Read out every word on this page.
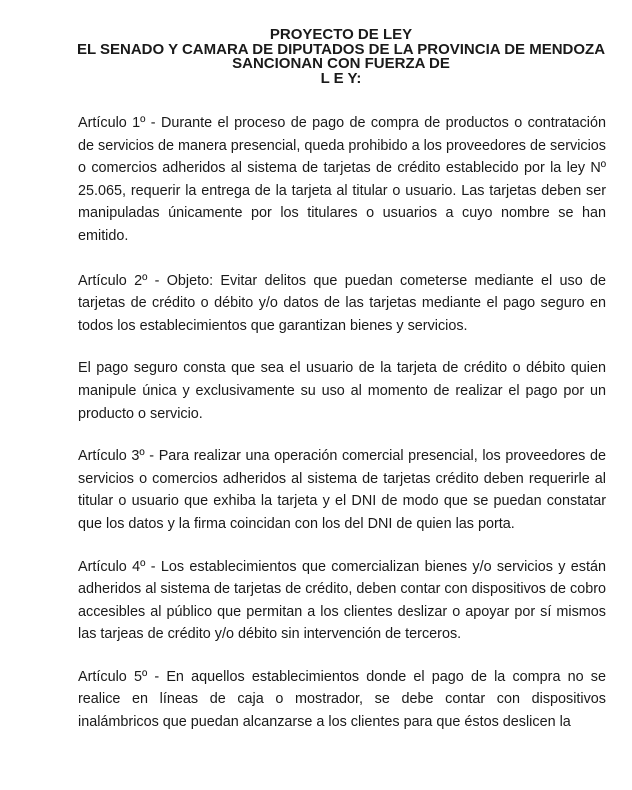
PROYECTO DE LEY
EL SENADO Y CAMARA DE DIPUTADOS DE LA PROVINCIA DE MENDOZA
SANCIONAN CON FUERZA DE
L E Y:

Artículo 1º - Durante el proceso de pago de compra de productos o contratación de servicios de manera presencial, queda prohibido a los proveedores de servicios o comercios adheridos al sistema de tarjetas de crédito establecido por la ley Nº 25.065, requerir la entrega de la tarjeta al titular o usuario. Las tarjetas deben ser manipuladas únicamente por los titulares o usuarios a cuyo nombre se han emitido.

Artículo 2º - Objeto: Evitar delitos que puedan cometerse mediante el uso de tarjetas de crédito o débito y/o datos de las tarjetas mediante el pago seguro en todos los establecimientos que garantizan bienes y servicios.

El pago seguro consta que sea el usuario de la tarjeta de crédito o débito quien manipule única y exclusivamente su uso al momento de realizar el pago por un producto o servicio.

Artículo 3º - Para realizar una operación comercial presencial, los proveedores de servicios o comercios adheridos al sistema de tarjetas crédito deben requerirle al titular o usuario que exhiba la tarjeta y el DNI de modo que se puedan constatar que los datos y la firma coincidan con los del DNI de quien las porta.

Artículo 4º - Los establecimientos que comercializan bienes y/o servicios y están adheridos al sistema de tarjetas de crédito, deben contar con dispositivos de cobro accesibles al público que permitan a los clientes deslizar o apoyar por sí mismos las tarjeas de crédito y/o débito sin intervención de terceros.

Artículo 5º - En aquellos establecimientos donde el pago de la compra no se realice en líneas de caja o mostrador, se debe contar con dispositivos inalámbricos que puedan alcanzarse a los clientes para que éstos deslicen la
